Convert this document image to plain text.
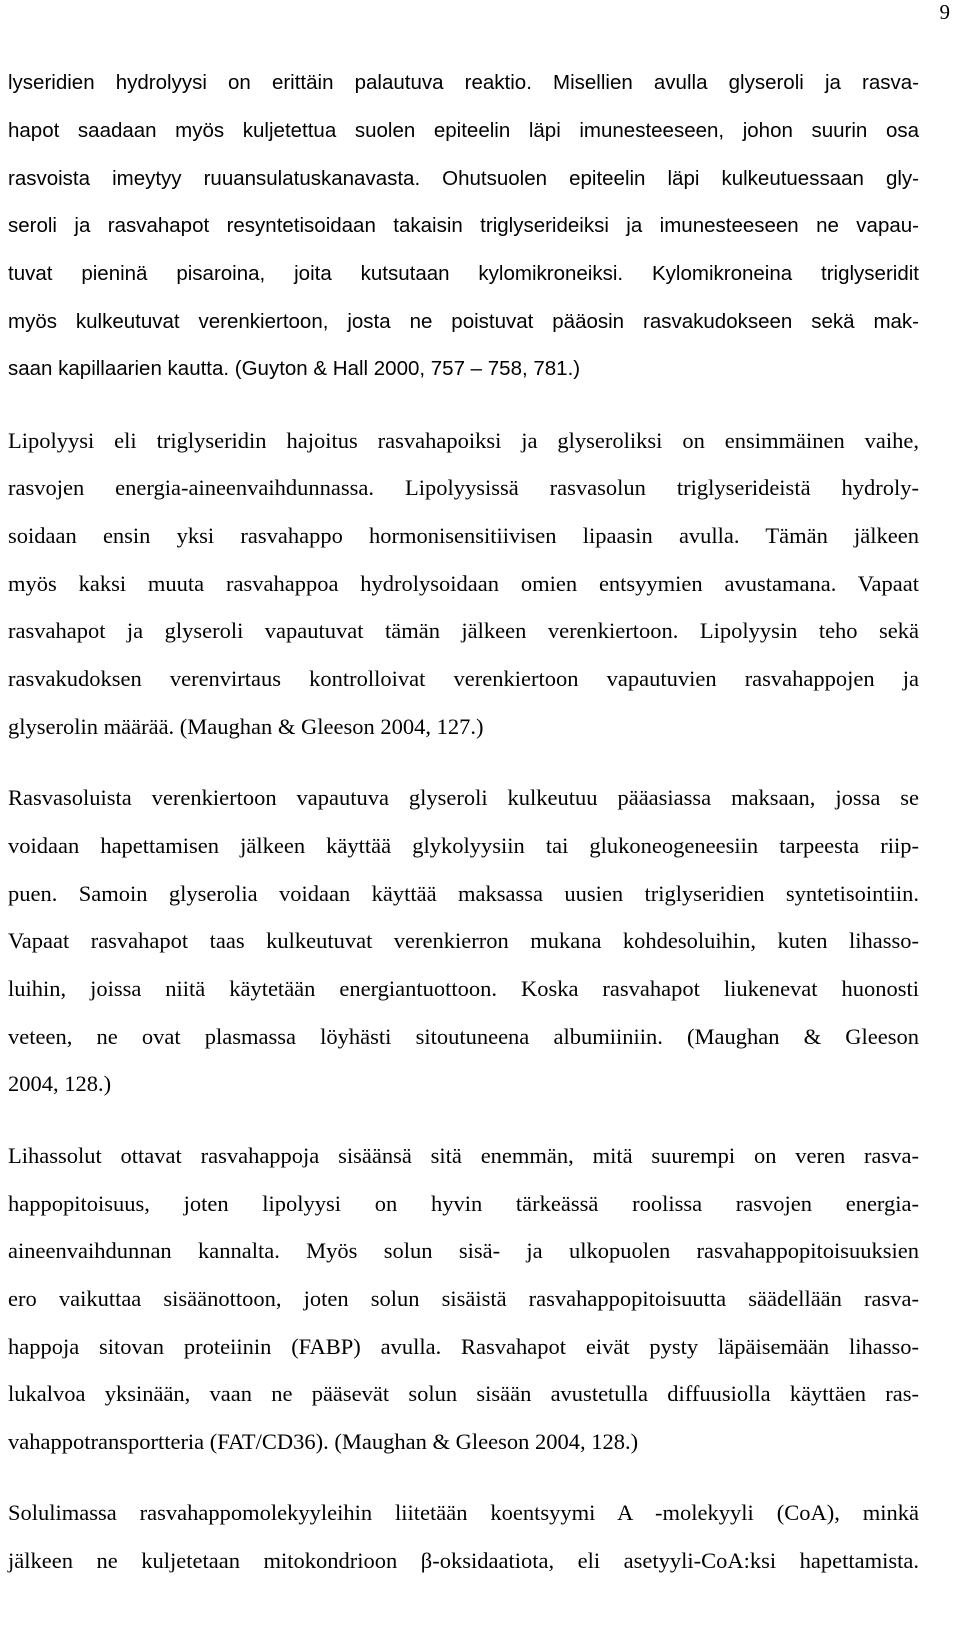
9
lyseridien hydrolyysi on erittäin palautuva reaktio. Misellien avulla glyseroli ja rasva-
hapot saadaan myös kuljetettua suolen epiteelin läpi imunesteeseen, johon suurin osa
rasvoista imeytyy ruuansulatuskanavasta. Ohutsuolen epiteelin läpi kulkeutuessaan gly-
seroli ja rasvahapot resyntetisoidaan takaisin triglyserideiksi ja imunesteeseen ne vapau-
tuvat pieninä pisaroina, joita kutsutaan kylomikroneiksi. Kylomikroneina triglyseridit
myös kulkeutuvat verenkiertoon, josta ne poistuvat pääosin rasvakudokseen sekä mak-
saan kapillaarien kautta. (Guyton & Hall 2000, 757 – 758, 781.)
Lipolyysi eli triglyseridin hajoitus rasvahapoiksi ja glyseroliksi on ensimmäinen vaihe,
rasvojen energia-aineenvaihdunnassa. Lipolyysissä rasvasolun triglyserideistä hydroly-
soidaan ensin yksi rasvahappo hormonisensitiivisen lipaasin avulla. Tämän jälkeen
myös kaksi muuta rasvahappoa hydrolysoidaan omien entsyymien avustamana. Vapaat
rasvahapot ja glyseroli vapautuvat tämän jälkeen verenkiertoon. Lipolyysin teho sekä
rasvakudoksen verenvirtaus kontrolloivat verenkiertoon vapautuvien rasvahappojen ja
glyserolin määrää. (Maughan & Gleeson 2004, 127.)
Rasvasoluista verenkiertoon vapautuva glyseroli kulkeutuu pääasiassa maksaan, jossa se
voidaan hapettamisen jälkeen käyttää glykolyysiin tai glukoneogeneesiin tarpeesta riip-
puen. Samoin glyserolia voidaan käyttää maksassa uusien triglyseridien syntetisointiin.
Vapaat rasvahapot taas kulkeutuvat verenkierron mukana kohdesoluihin, kuten lihasso-
luihin, joissa niitä käytetään energiantuottoon. Koska rasvahapot liukenevat huonosti
veteen, ne ovat plasmassa löyhästi sitoutuneena albumiiniin. (Maughan & Gleeson
2004, 128.)
Lihassolut ottavat rasvahappoja sisäänsä sitä enemmän, mitä suurempi on veren rasva-
happopitoisuus, joten lipolyysi on hyvin tärkeässä roolissa rasvojen energia-
aineenvaihdunnan kannalta. Myös solun sisä- ja ulkopuolen rasvahappopitoisuuksien
ero vaikuttaa sisäänottoon, joten solun sisäistä rasvahappopitoisuutta säädellään rasva-
happoja sitovan proteiinin (FABP) avulla. Rasvahapot eivät pysty läpäisemään lihasso-
lukalvoa yksinään, vaan ne pääsevät solun sisään avustetulla diffuusiolla käyttäen ras-
vahappotransportteria (FAT/CD36). (Maughan & Gleeson 2004, 128.)
Solulimassa rasvahappomolekyyleihin liitetään koentsyymi A -molekyyli (CoA), minkä
jälkeen ne kuljetetaan mitokondrioon β-oksidaatiota, eli asetyyli-CoA:ksi hapettamista.
